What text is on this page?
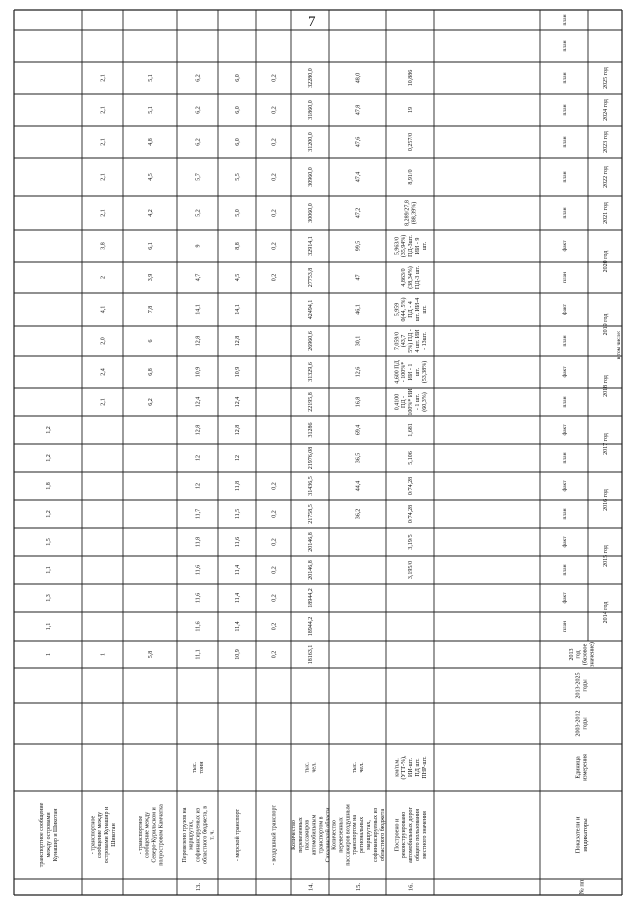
7
№ пп
Показатели ииндикаторы
Единицаизмерения
2003-2012годы
2013-2025годы
2013год(базовоезначение)
в том числе:
2014 год
2015 год
2016 год
2017 год
2018 год
2019 год
2020 год
2021 год
2022 год
2023 год
2024 год
2025 год
план
факт
план
факт
план
факт
план
факт
план
факт
план
факт
план
факт
план
план
план
план
план
план
план
транспортное сообщениемежду островамиКунашир и Шикотан
1
1,1
1,3
1,1
1,5
1,2
1,8
1,2
1,2
- транспортноесообщение междуостровами Кунашир иШикотан
1
2,1
2,4
2,0
4,1
2
3,8
2,1
2,1
2,1
2,1
2,1
- транспортноесообщение междуСеверо-Курильском иполуостровом Камчатка
5,8
6,2
6,8
6
7,8
3,9
6,1
4,2
4,5
4,8
5,1
5,1
13.
Перевезено грузов намаршрутах,софинансируемых изобластного бюджета, вт. ч.
тыс.тонн
11,1
11,6
11,6
11,6
11,8
11,7
12
12
12,8
12,4
10,9
12,8
14,1
4,7
9
5,2
5,7
6,2
6,2
6,2
- морской транспорт
10,9
11,4
11,4
11,4
11,6
11,5
11,8
12
12,8
12,4
10,9
12,8
14,1
4,5
8,8
5,0
5,5
6,0
6,0
6,0
- воздушный транспорт
0,2
0,2
0,2
0,2
0,2
0,2
0,2
0,2
0,2
0,2
0,2
0,2
0,2
0,2
14.
Количествоперевезенныхпассажировавтомобильнымтранспортом вСахалинской области
тыс.чел.
18163,1
18944,2
18944,2
20146,8
20146,8
21758,5
31436,5
21976,08
31286
22195,8
31329,6
26960,6
42494,1
27753,8
32914,1
30060,0
30960,0
31200,0
31860,0
32280,0
15.
Количествоперевезенныхпассажиров воздушнымтранспортом нарегиональныхмаршрутах,софинансируемых изобластного бюджета
тыс.чел.
36,2
44,4
36,5
69,4
16,8
12,6
30,1
46,1
47
99,5
47,2
47,4
47,6
47,8
48,0
16.
Построено иреконструированоавтомобильных дорогобщего пользованияместного значения
км/п.м.(УТТ-%),ИИ-шт.ПД шт.ПНР-шт.
3,195/0
3,19/5
0/74,28
0/74,28
5,106
1,681
0,4100ПД -100%* ИИ- 1 шт.(60,3%)
4,600 ПД- 100%*ИИ - 1шт.(53,38%)
7,059/0(43,75%) ПД -4 шт. ИИ- 13шт.
5,9590(44, 5%)ПД - 4шт. ИИ-4шт.
4,863/0(38,34%)ПД-3 шт.
5,963/0(35,94%)ПД-3шт.ИИ - 9шт.
8,289/27,8(88,39%)
8,91/0
0,257/0
19
10,886
